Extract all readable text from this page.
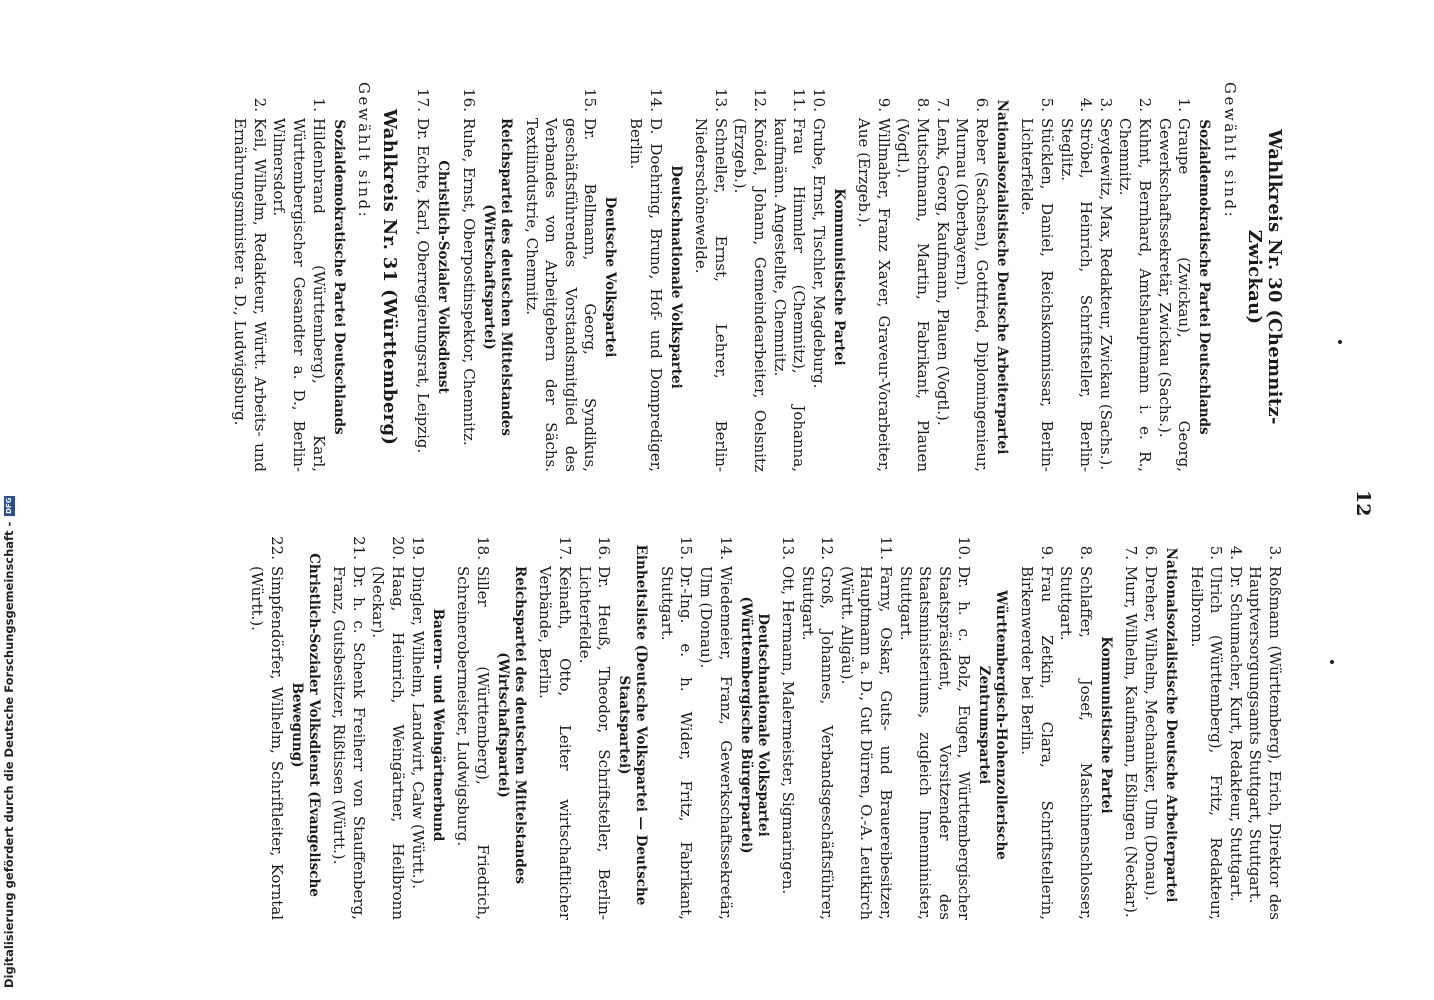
12
Wahlkreis Nr. 30 (Chemnitz-Zwickau)
Gewählt sind:
Sozialdemokratische Partei Deutschlands
1.
Graupe (Zwickau), Georg, Gewerkschaftssekretär, Zwickau (Sachs.).
2.
Kuhnt, Bernhard, Amtshauptmann i. e. R., Chemnitz.
3.
Seydewitz, Max, Redakteur, Zwickau (Sachs.).
4.
Ströbel, Heinrich, Schriftsteller, Berlin-Steglitz.
5.
Stücklen, Daniel, Reichskommissar, Berlin-Lichterfelde.
Nationalsozialistische Deutsche Arbeiterpartei
6.
Reber (Sachsen), Gottfried, Diplomingenieur, Murnau (Oberbayern).
7.
Lenk, Georg, Kaufmann, Plauen (Vogtl.).
8.
Mutschmann, Martin, Fabrikant, Plauen (Vogtl.).
9.
Willmaher, Franz Xaver, Graveur-Vorarbeiter, Aue (Erzgeb.).
Kommunistische Partei
10.
Grube, Ernst, Tischler, Magdeburg.
11.
Frau Himmler (Chemnitz), Johanna, kaufmänn. Angestellte, Chemnitz.
12.
Knödel, Johann, Gemeindearbeiter, Oelsnitz (Erzgeb.).
13.
Schneller, Ernst, Lehrer, Berlin-Niederschönewelde.
Deutschnationale Volkspartei
14.
D. Doehring, Bruno, Hof- und Domprediger, Berlin.
Deutsche Volkspartei
15.
Dr. Bellmann, Georg, Syndikus, geschäftsführendes Vorstandsmitglied des Verbandes von Arbeitgebern der Sächs. Textilindustrie, Chemnitz.
Reichspartei des deutschen Mittelstandes (Wirtschaftspartei)
16.
Ruhe, Ernst, Oberpostinspektor, Chemnitz.
Christlich-Sozialer Volksdienst
17.
Dr. Echte, Karl, Oberregierungsrat, Leipzig.
Wahlkreis Nr. 31 (Württemberg)
Gewählt sind:
Sozialdemokratische Partei Deutschlands
1.
Hildenbrand (Württemberg), Karl, Württembergischer Gesandter a. D., Berlin-Wilmersdorf.
2.
Keil, Wilhelm, Redakteur, Württ. Arbeits- und Ernährungsminister a. D., Ludwigsburg.
3.
Roßmann (Württemberg), Erich, Direktor des Hauptversorgungsamts Stuttgart, Stuttgart.
4.
Dr. Schumacher, Kurt, Redakteur, Stuttgart.
5.
Ulrich (Württemberg), Fritz, Redakteur, Heilbronn.
Nationalsozialistische Deutsche Arbeiterpartei
6.
Dreher, Wilhelm, Mechaniker, Ulm (Donau).
7.
Murr, Wilhelm, Kaufmann, Eßlingen (Neckar).
Kommunistische Partei
8.
Schlaffer, Josef, Maschinenschlosser, Stuttgart.
9.
Frau Zetkin, Clara, Schriftstellerin, Birkenwerder bei Berlin.
Württembergisch-Hohenzollerische Zentrumspartei
10.
Dr. h. c. Bolz, Eugen, Württembergischer Staatspräsident, Vorsitzender des Staatsministeriums, zugleich Innenminister, Stuttgart.
11.
Farny, Oskar, Guts- und Brauereibesitzer, Hauptmann a. D., Gut Dürren, O.-A. Leutkirch (Württ. Allgäu).
12.
Groß, Johannes, Verbandsgeschäftsführer, Stuttgart.
13.
Ott, Hermann, Malermeister, Sigmaringen.
Deutschnationale Volkspartei (Württembergische Bürgerpartei)
14.
Wiedemeier, Franz, Gewerkschaftssekretär, Ulm (Donau).
15.
Dr.-Ing. e. h. Wider, Fritz, Fabrikant, Stuttgart.
Einheitsliste (Deutsche Volkspartei — Deutsche Staatspartei)
16.
Dr. Heuß, Theodor, Schriftsteller, Berlin-Lichterfelde.
17.
Keinath, Otto, Leiter wirtschaftlicher Verbände, Berlin.
Reichspartei des deutschen Mittelstandes (Wirtschaftspartei)
18.
Siller (Württemberg), Friedrich, Schreinerobermeister, Ludwigsburg.
Bauern- und Weingärtnerbund
19.
Dingler, Wilhelm, Landwirt, Calw (Württ.).
20.
Haag, Heinrich, Weingärtner, Heilbronn (Neckar).
21.
Dr. h. c. Schenk Freiherr von Stauffenberg, Franz, Gutsbesitzer, Rißtissen (Württ.).
Christlich-Sozialer Volksdienst (Evangelische Bewegung)
22.
Simpfendörfer, Wilhelm, Schriftleiter, Korntal (Württ.).
Digitalisierung gefördert durch die Deutsche Forschungsgemeinschaft -
DFG
